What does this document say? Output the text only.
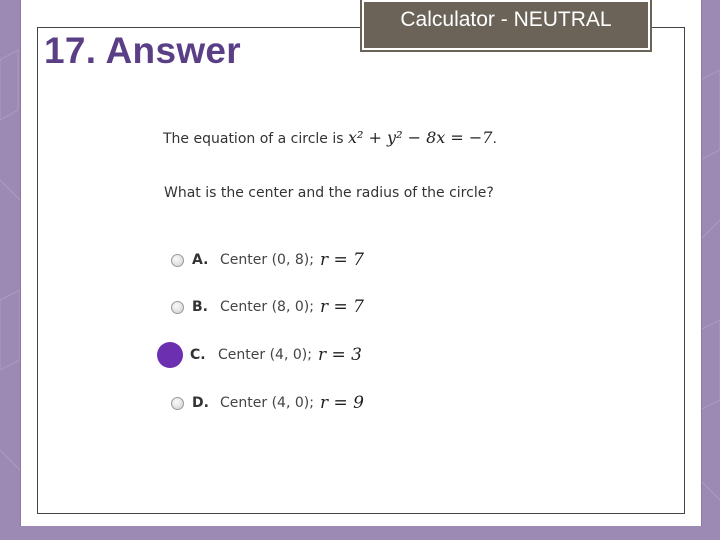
The equation of a circle is x² + y² − 8x = −7.
What is the center and the radius of the circle?
A. Center (0, 8); r = 7
B. Center (8, 0); r = 7
C. Center (4, 0); r = 3
D. Center (4, 0); r = 9
17. Answer
Calculator - NEUTRAL
